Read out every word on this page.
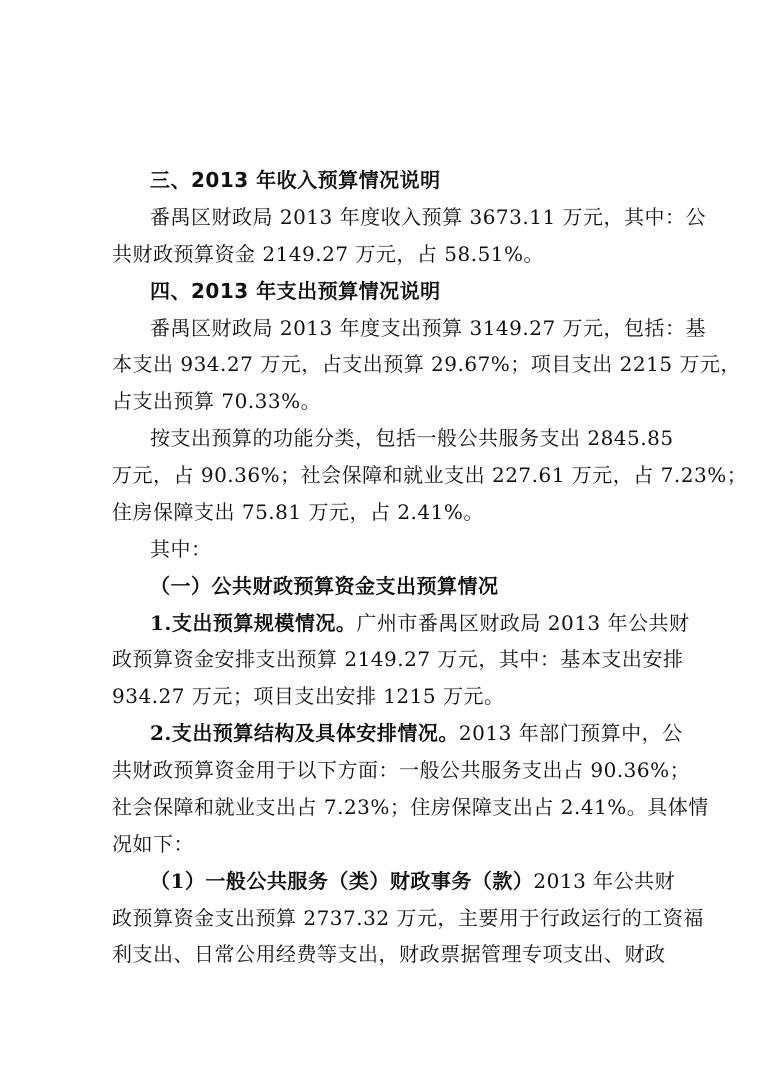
三、2013 年收入预算情况说明
番禺区财政局 2013 年度收入预算 3673.11 万元，其中：公
共财政预算资金 2149.27 万元，占 58.51%。
四、2013 年支出预算情况说明
番禺区财政局 2013 年度支出预算 3149.27 万元，包括：基
本支出 934.27 万元，占支出预算 29.67%；项目支出 2215 万元，
占支出预算 70.33%。
按支出预算的功能分类，包括一般公共服务支出 2845.85
万元，占 90.36%；社会保障和就业支出 227.61 万元，占 7.23%；
住房保障支出 75.81 万元，占 2.41%。
其中：
（一）公共财政预算资金支出预算情况
1.支出预算规模情况。广州市番禺区财政局 2013 年公共财
政预算资金安排支出预算 2149.27 万元，其中：基本支出安排
934.27 万元；项目支出安排 1215 万元。
2.支出预算结构及具体安排情况。2013 年部门预算中，公
共财政预算资金用于以下方面：一般公共服务支出占 90.36%；
社会保障和就业支出占 7.23%；住房保障支出占 2.41%。具体情
况如下：
（1）一般公共服务（类）财政事务（款）2013 年公共财
政预算资金支出预算 2737.32 万元，主要用于行政运行的工资福
利支出、日常公用经费等支出，财政票据管理专项支出、财政
